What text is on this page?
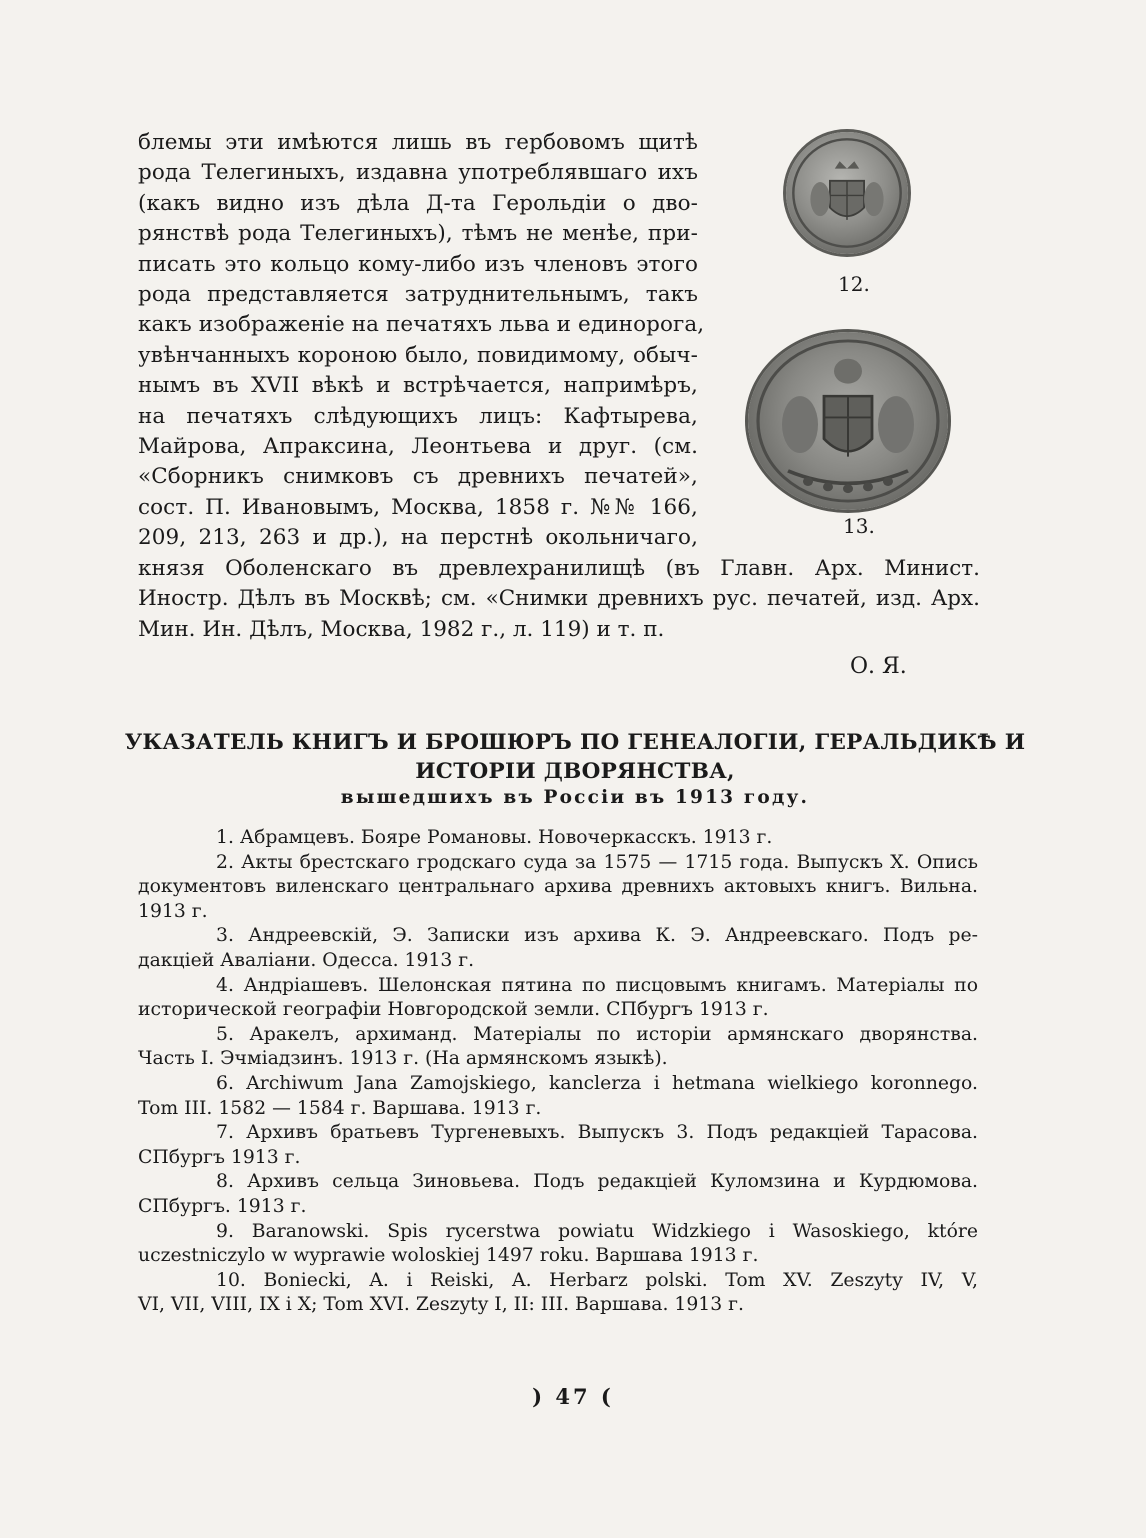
блемы эти имѣются лишь въ гербовомъ щитѣ
рода Телегиныхъ, издавна употреблявшаго ихъ
(какъ видно изъ дѣла Д-та Герольдiи о дво-
рянствѣ рода Телегиныхъ), тѣмъ не менѣе, при-
писать это кольцо кому-либо изъ членовъ этого
рода представляется затруднительнымъ, такъ
какъ изображенiе на печатяхъ льва и единорога,
увѣнчанныхъ короною было, повидимому, обыч-
нымъ въ XVII вѣкѣ и встрѣчается, напримѣръ,
на печатяхъ слѣдующихъ лицъ: Кафтырева,
Майрова, Апраксина, Леонтьева и друг. (см.
«Сборникъ снимковъ съ древнихъ печатей»,
сост. П. Ивановымъ, Москва, 1858 г. №№ 166,
209, 213, 263 и др.), на перстнѣ окольничаго,
князя Оболенскаго въ древлехранилищѣ (въ Главн. Арх. Минист.
Иностр. Дѣлъ въ Москвѣ; см. «Снимки древнихъ рус. печатей, изд. Арх.
Мин. Ин. Дѣлъ, Москва, 1982 г., л. 119) и т. п.
12.
13.
О. Я.
УКАЗАТЕЛЬ КНИГЪ И БРОШЮРЪ ПО ГЕНЕАЛОГIИ, ГЕРАЛЬДИКѢ И
ИСТОРIИ ДВОРЯНСТВА,
вышедшихъ въ Россiи въ 1913 году.
1. Абрамцевъ. Бояре Романовы. Новочеркасскъ. 1913 г.
2. Акты брестскаго гродскаго суда за 1575 — 1715 года. Выпускъ X. Опись
документовъ виленскаго центральнаго архива древнихъ актовыхъ книгъ. Вильна.
1913 г.
3. Андреевскiй, Э. Записки изъ архива К. Э. Андреевскаго. Подъ ре-
дакцiей Аваліани. Одесса. 1913 г.
4. Андрiашевъ. Шелонская пятина по писцовымъ книгамъ. Матерiалы по
исторической географiи Новгородской земли. СПбургъ 1913 г.
5. Аракелъ, архиманд. Матерiалы по исторiи армянскаго дворянства.
Часть I. Эчмiадзинъ. 1913 г. (На армянскомъ языкѣ).
6. Archiwum Jana Zamojskiego, kanclerza i hetmana wielkiego koronnego.
Tom III. 1582 — 1584 г. Варшава. 1913 г.
7. Архивъ братьевъ Тургеневыхъ. Выпускъ 3. Подъ редакцiей Тарасова.
СПбургъ 1913 г.
8. Архивъ сельца Зиновьева. Подъ редакцiей Куломзина и Курдюмова.
СПбургъ. 1913 г.
9. Baranowski. Spis rycerstwa powiatu Widzkiego i Wasoskiego, które
uczestniczylo w wyprawie woloskiej 1497 roku. Варшава 1913 г.
10. Boniecki, A. i Reiski, A. Herbarz polski. Tom XV. Zeszyty IV, V,
VI, VII, VIII, IX i X; Tom XVI. Zeszyty I, II: III. Варшава. 1913 г.
) 47 (
